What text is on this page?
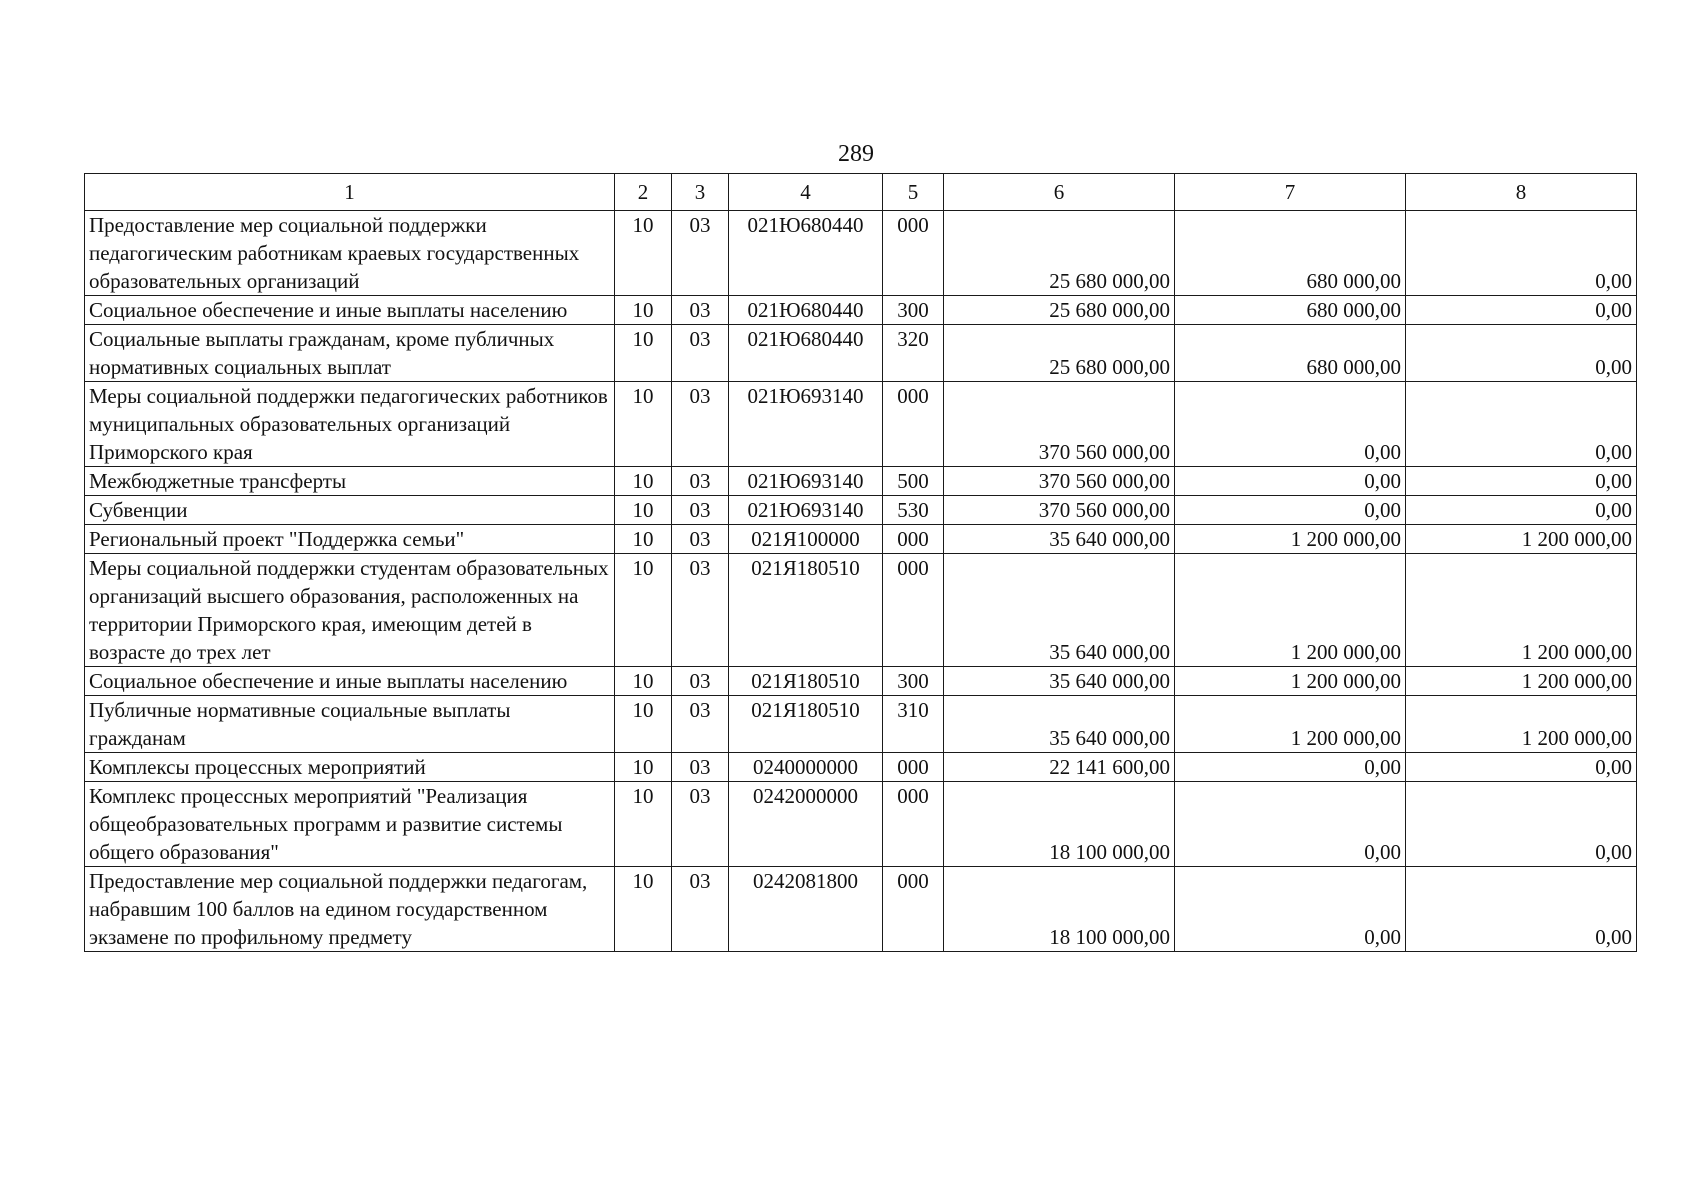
289
1	2	3	4	5	6	7	8
Предоставление мер социальной поддержки педагогическим работникам краевых государственных образовательных организаций	10	03	021Ю680440	000	25 680 000,00	680 000,00	0,00
Социальное обеспечение и иные выплаты населению	10	03	021Ю680440	300	25 680 000,00	680 000,00	0,00
Социальные выплаты гражданам, кроме публичных нормативных социальных выплат	10	03	021Ю680440	320	25 680 000,00	680 000,00	0,00
Меры социальной поддержки педагогических работников муниципальных образовательных организаций Приморского края	10	03	021Ю693140	000	370 560 000,00	0,00	0,00
Межбюджетные трансферты	10	03	021Ю693140	500	370 560 000,00	0,00	0,00
Субвенции	10	03	021Ю693140	530	370 560 000,00	0,00	0,00
Региональный проект "Поддержка семьи"	10	03	021Я100000	000	35 640 000,00	1 200 000,00	1 200 000,00
Меры социальной поддержки студентам образовательных организаций высшего образования, расположенных на территории Приморского края, имеющим детей в возрасте до трех лет	10	03	021Я180510	000	35 640 000,00	1 200 000,00	1 200 000,00
Социальное обеспечение и иные выплаты населению	10	03	021Я180510	300	35 640 000,00	1 200 000,00	1 200 000,00
Публичные нормативные социальные выплаты гражданам	10	03	021Я180510	310	35 640 000,00	1 200 000,00	1 200 000,00
Комплексы процессных мероприятий	10	03	0240000000	000	22 141 600,00	0,00	0,00
Комплекс процессных мероприятий "Реализация общеобразовательных программ и развитие системы общего образования"	10	03	0242000000	000	18 100 000,00	0,00	0,00
Предоставление мер социальной поддержки педагогам, набравшим 100 баллов на едином государственном экзамене по профильному предмету	10	03	0242081800	000	18 100 000,00	0,00	0,00
